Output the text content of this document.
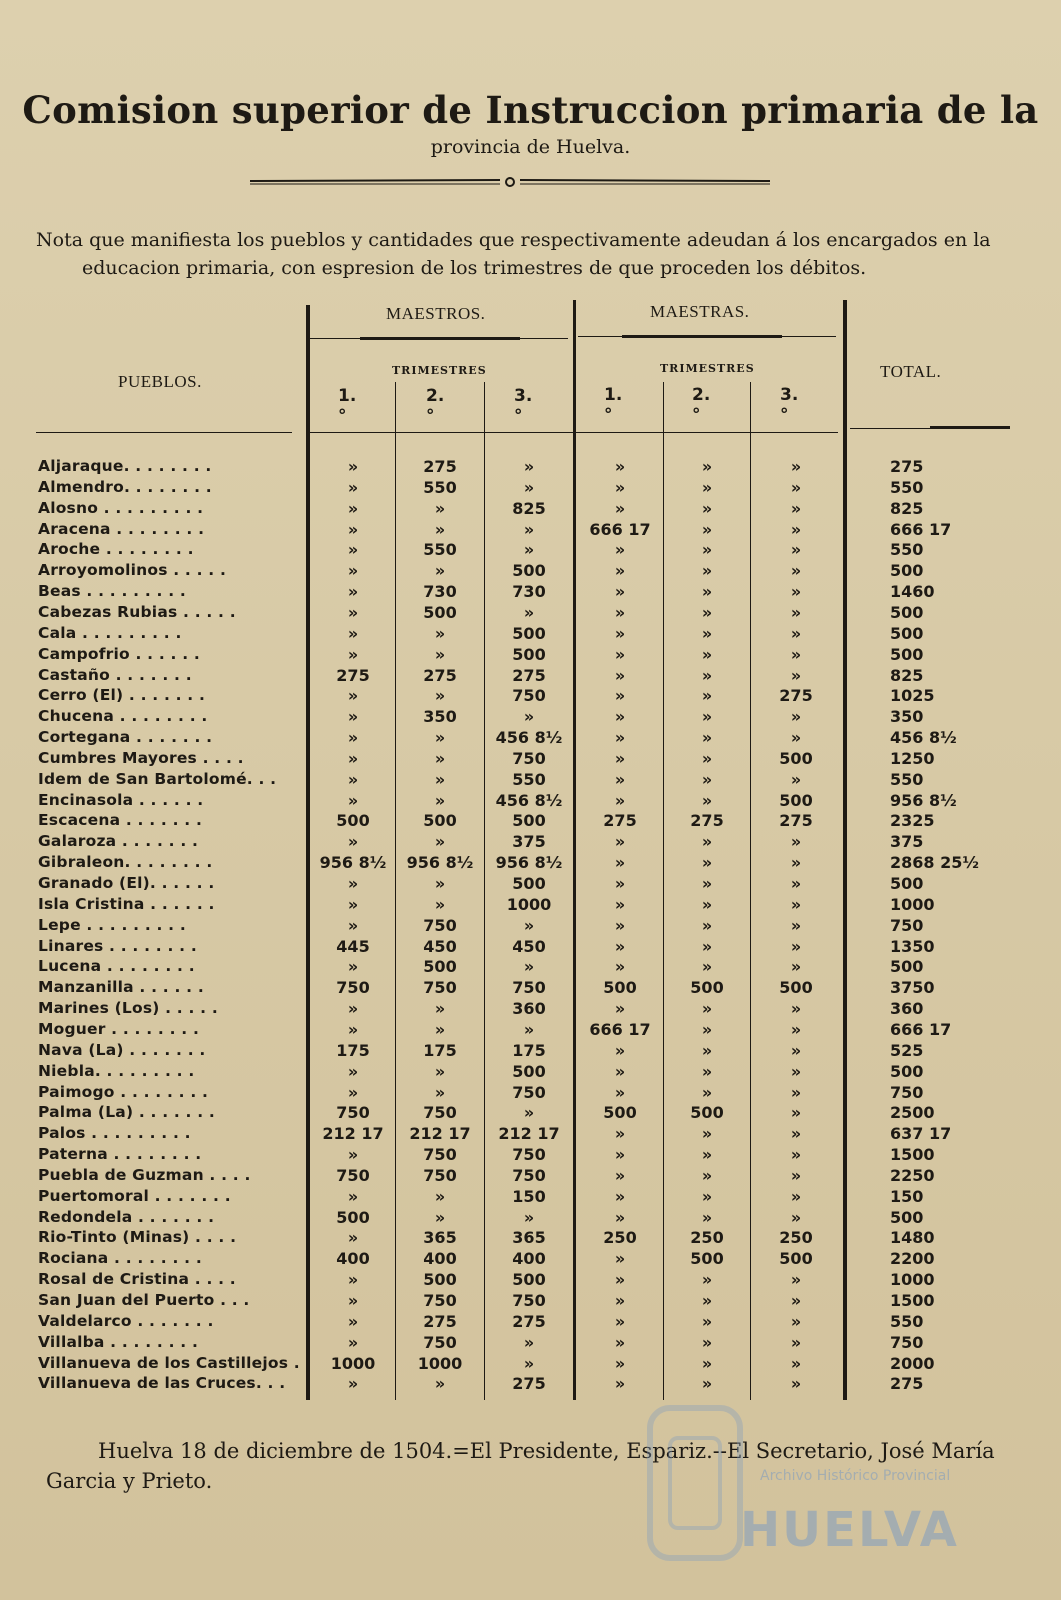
Comision superior de Instruccion primaria de la
provincia de Huelva.
Nota que manifiesta los pueblos y cantidades que respectivamente adeudan á los encargados en la
educacion primaria, con espresion de los trimestres de que proceden los débitos.
PUEBLOS.
MAESTROS.	MAESTRAS.
TOTAL.
TRIMESTRES	TRIMESTRES
1.°
2.°
3.°
1.°
2.°
3.°
Aljaraque. . . . . . . .	»	275	»	»	»	»	275
Almendro. . . . . . . .	»	550	»	»	»	»	550
Alosno . . . . . . . . .	»	»	825	»	»	»	825
Aracena . . . . . . . .	»	»	»	666 17	»	»	666 17
Aroche . . . . . . . .	»	550	»	»	»	»	550
Arroyomolinos . . . . .	»	»	500	»	»	»	500
Beas . . . . . . . . .	»	730	730	»	»	»	1460
Cabezas Rubias . . . . .	»	500	»	»	»	»	500
Cala . . . . . . . . .	»	»	500	»	»	»	500
Campofrio . . . . . .	»	»	500	»	»	»	500
Castaño . . . . . . .	275	275	275	»	»	»	825
Cerro (El) . . . . . . .	»	»	750	»	»	275	1025
Chucena . . . . . . . .	»	350	»	»	»	»	350
Cortegana . . . . . . .	»	»	456 8½	»	»	»	456 8½
Cumbres Mayores . . . .	»	»	750	»	»	500	1250
Idem de San Bartolomé. . .	»	»	550	»	»	»	550
Encinasola . . . . . .	»	»	456 8½	»	»	500	956 8½
Escacena . . . . . . .	500	500	500	275	275	275	2325
Galaroza . . . . . . .	»	»	375	»	»	»	375
Gibraleon. . . . . . . .	956 8½	956 8½	956 8½	»	»	»	2868 25½
Granado (El). . . . . .	»	»	500	»	»	»	500
Isla Cristina . . . . . .	»	»	1000	»	»	»	1000
Lepe . . . . . . . . .	»	750	»	»	»	»	750
Linares . . . . . . . .	445	450	450	»	»	»	1350
Lucena . . . . . . . .	»	500	»	»	»	»	500
Manzanilla . . . . . .	750	750	750	500	500	500	3750
Marines (Los) . . . . .	»	»	360	»	»	»	360
Moguer . . . . . . . .	»	»	»	666 17	»	»	666 17
Nava (La) . . . . . . .	175	175	175	»	»	»	525
Niebla. . . . . . . . .	»	»	500	»	»	»	500
Paimogo . . . . . . . .	»	»	750	»	»	»	750
Palma (La) . . . . . . .	750	750	»	500	500	»	2500
Palos . . . . . . . . .	212 17	212 17	212 17	»	»	»	637 17
Paterna . . . . . . . .	»	750	750	»	»	»	1500
Puebla de Guzman . . . .	750	750	750	»	»	»	2250
Puertomoral . . . . . . .	»	»	150	»	»	»	150
Redondela . . . . . . .	500	»	»	»	»	»	500
Rio-Tinto (Minas) . . . .	»	365	365	250	250	250	1480
Rociana . . . . . . . .	400	400	400	»	500	500	2200
Rosal de Cristina . . . .	»	500	500	»	»	»	1000
San Juan del Puerto . . .	»	750	750	»	»	»	1500
Valdelarco . . . . . . .	»	275	275	»	»	»	550
Villalba . . . . . . . .	»	750	»	»	»	»	750
Villanueva de los Castillejos .	1000	1000	»	»	»	»	2000
Villanueva de las Cruces. . .	»	»	275	»	»	»	275
Huelva 18 de diciembre de 1504.=El Presidente, Espariz.--El Secretario, José María
Garcia y Prieto.	Archivo Histórico Provincial
HUELVA
